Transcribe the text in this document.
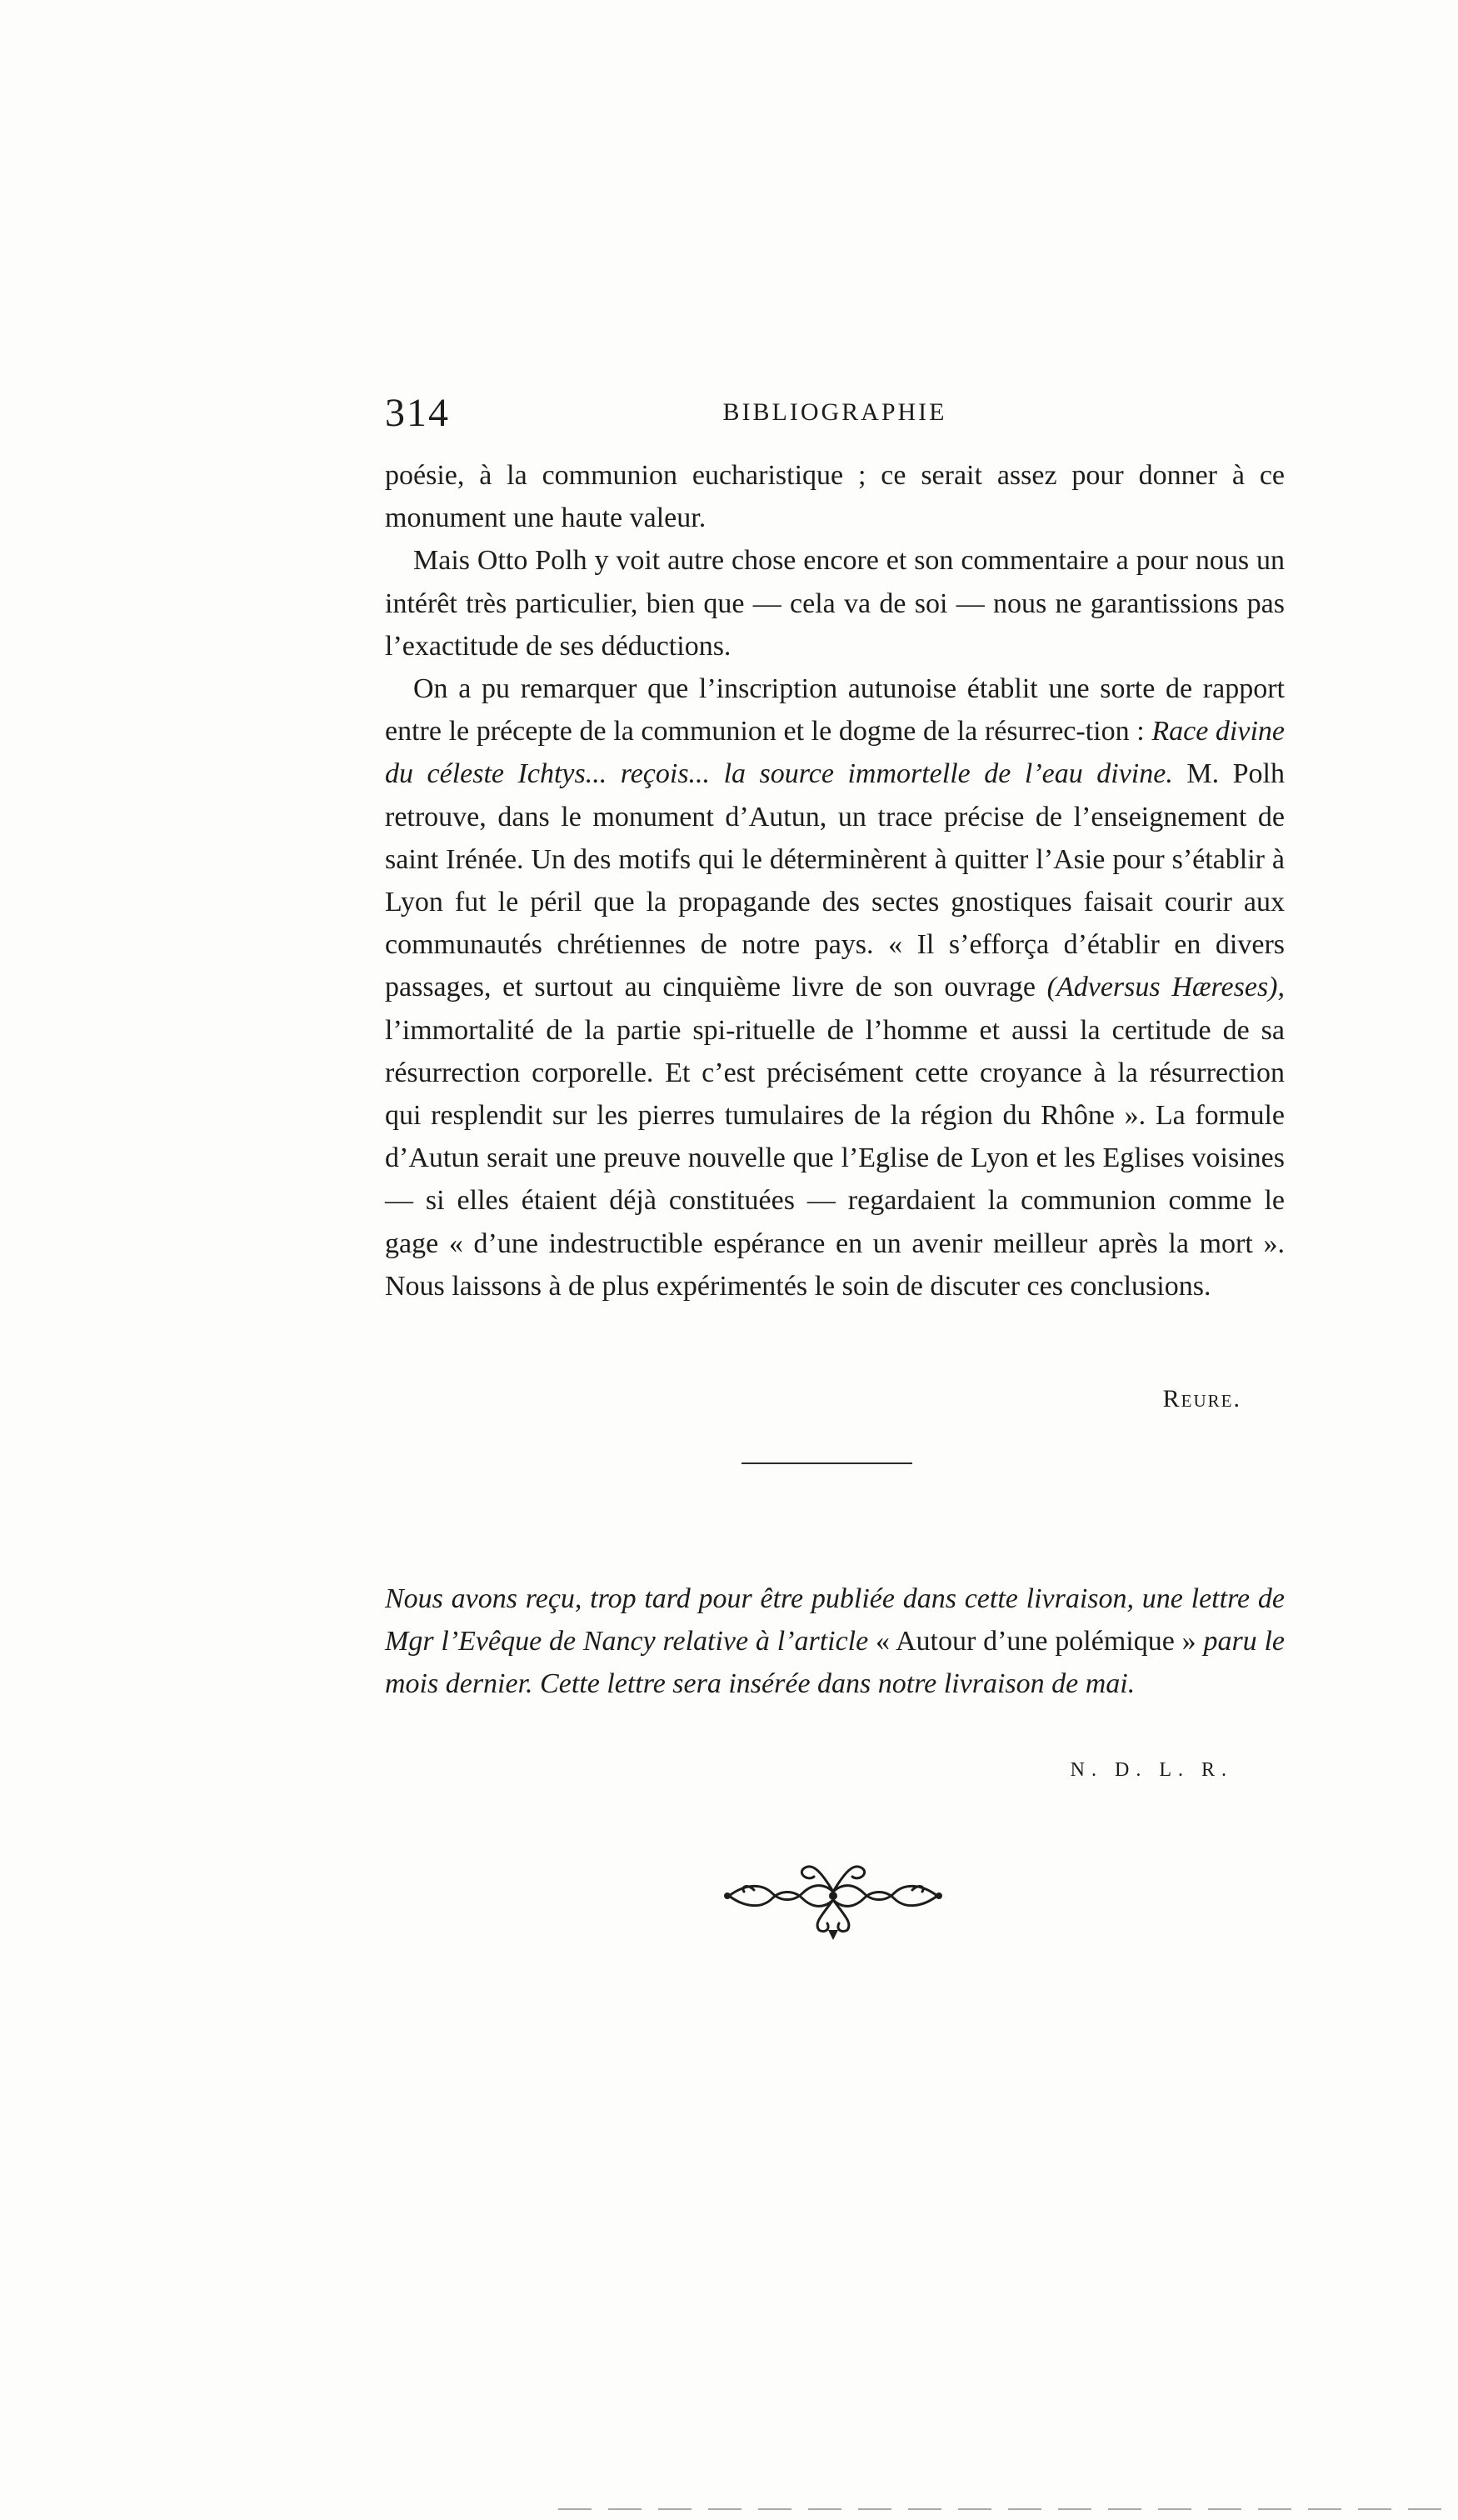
314	BIBLIOGRAPHIE

poésie, à la communion eucharistique ; ce serait assez pour donner à ce monument une haute valeur.

Mais Otto Polh y voit autre chose encore et son commentaire a pour nous un intérêt très particulier, bien que — cela va de soi — nous ne garantissions pas l’exactitude de ses déductions.

On a pu remarquer que l’inscription autunoise établit une sorte de rapport entre le précepte de la communion et le dogme de la résurrec-tion : Race divine du céleste Ichtys... reçois... la source immortelle de l’eau divine. M. Polh retrouve, dans le monument d’Autun, un trace précise de l’enseignement de saint Irénée. Un des motifs qui le déterminèrent à quitter l’Asie pour s’établir à Lyon fut le péril que la propagande des sectes gnostiques faisait courir aux communautés chrétiennes de notre pays. « Il s’efforça d’établir en divers passages, et surtout au cinquième livre de son ouvrage (Adversus Hæreses), l’immortalité de la partie spi-rituelle de l’homme et aussi la certitude de sa résurrection corporelle. Et c’est précisément cette croyance à la résurrection qui resplendit sur les pierres tumulaires de la région du Rhône ». La formule d’Autun serait une preuve nouvelle que l’Eglise de Lyon et les Eglises voisines — si elles étaient déjà constituées — regardaient la communion comme le gage « d’une indestructible espérance en un avenir meilleur après la mort ». Nous laissons à de plus expérimentés le soin de discuter ces conclusions.

Reure.
Nous avons reçu, trop tard pour être publiée dans cette livraison, une lettre de Mgr l’Evêque de Nancy relative à l’article « Autour d’une polémique » paru le mois dernier. Cette lettre sera insérée dans notre livraison de mai.
N. D. L. R.
